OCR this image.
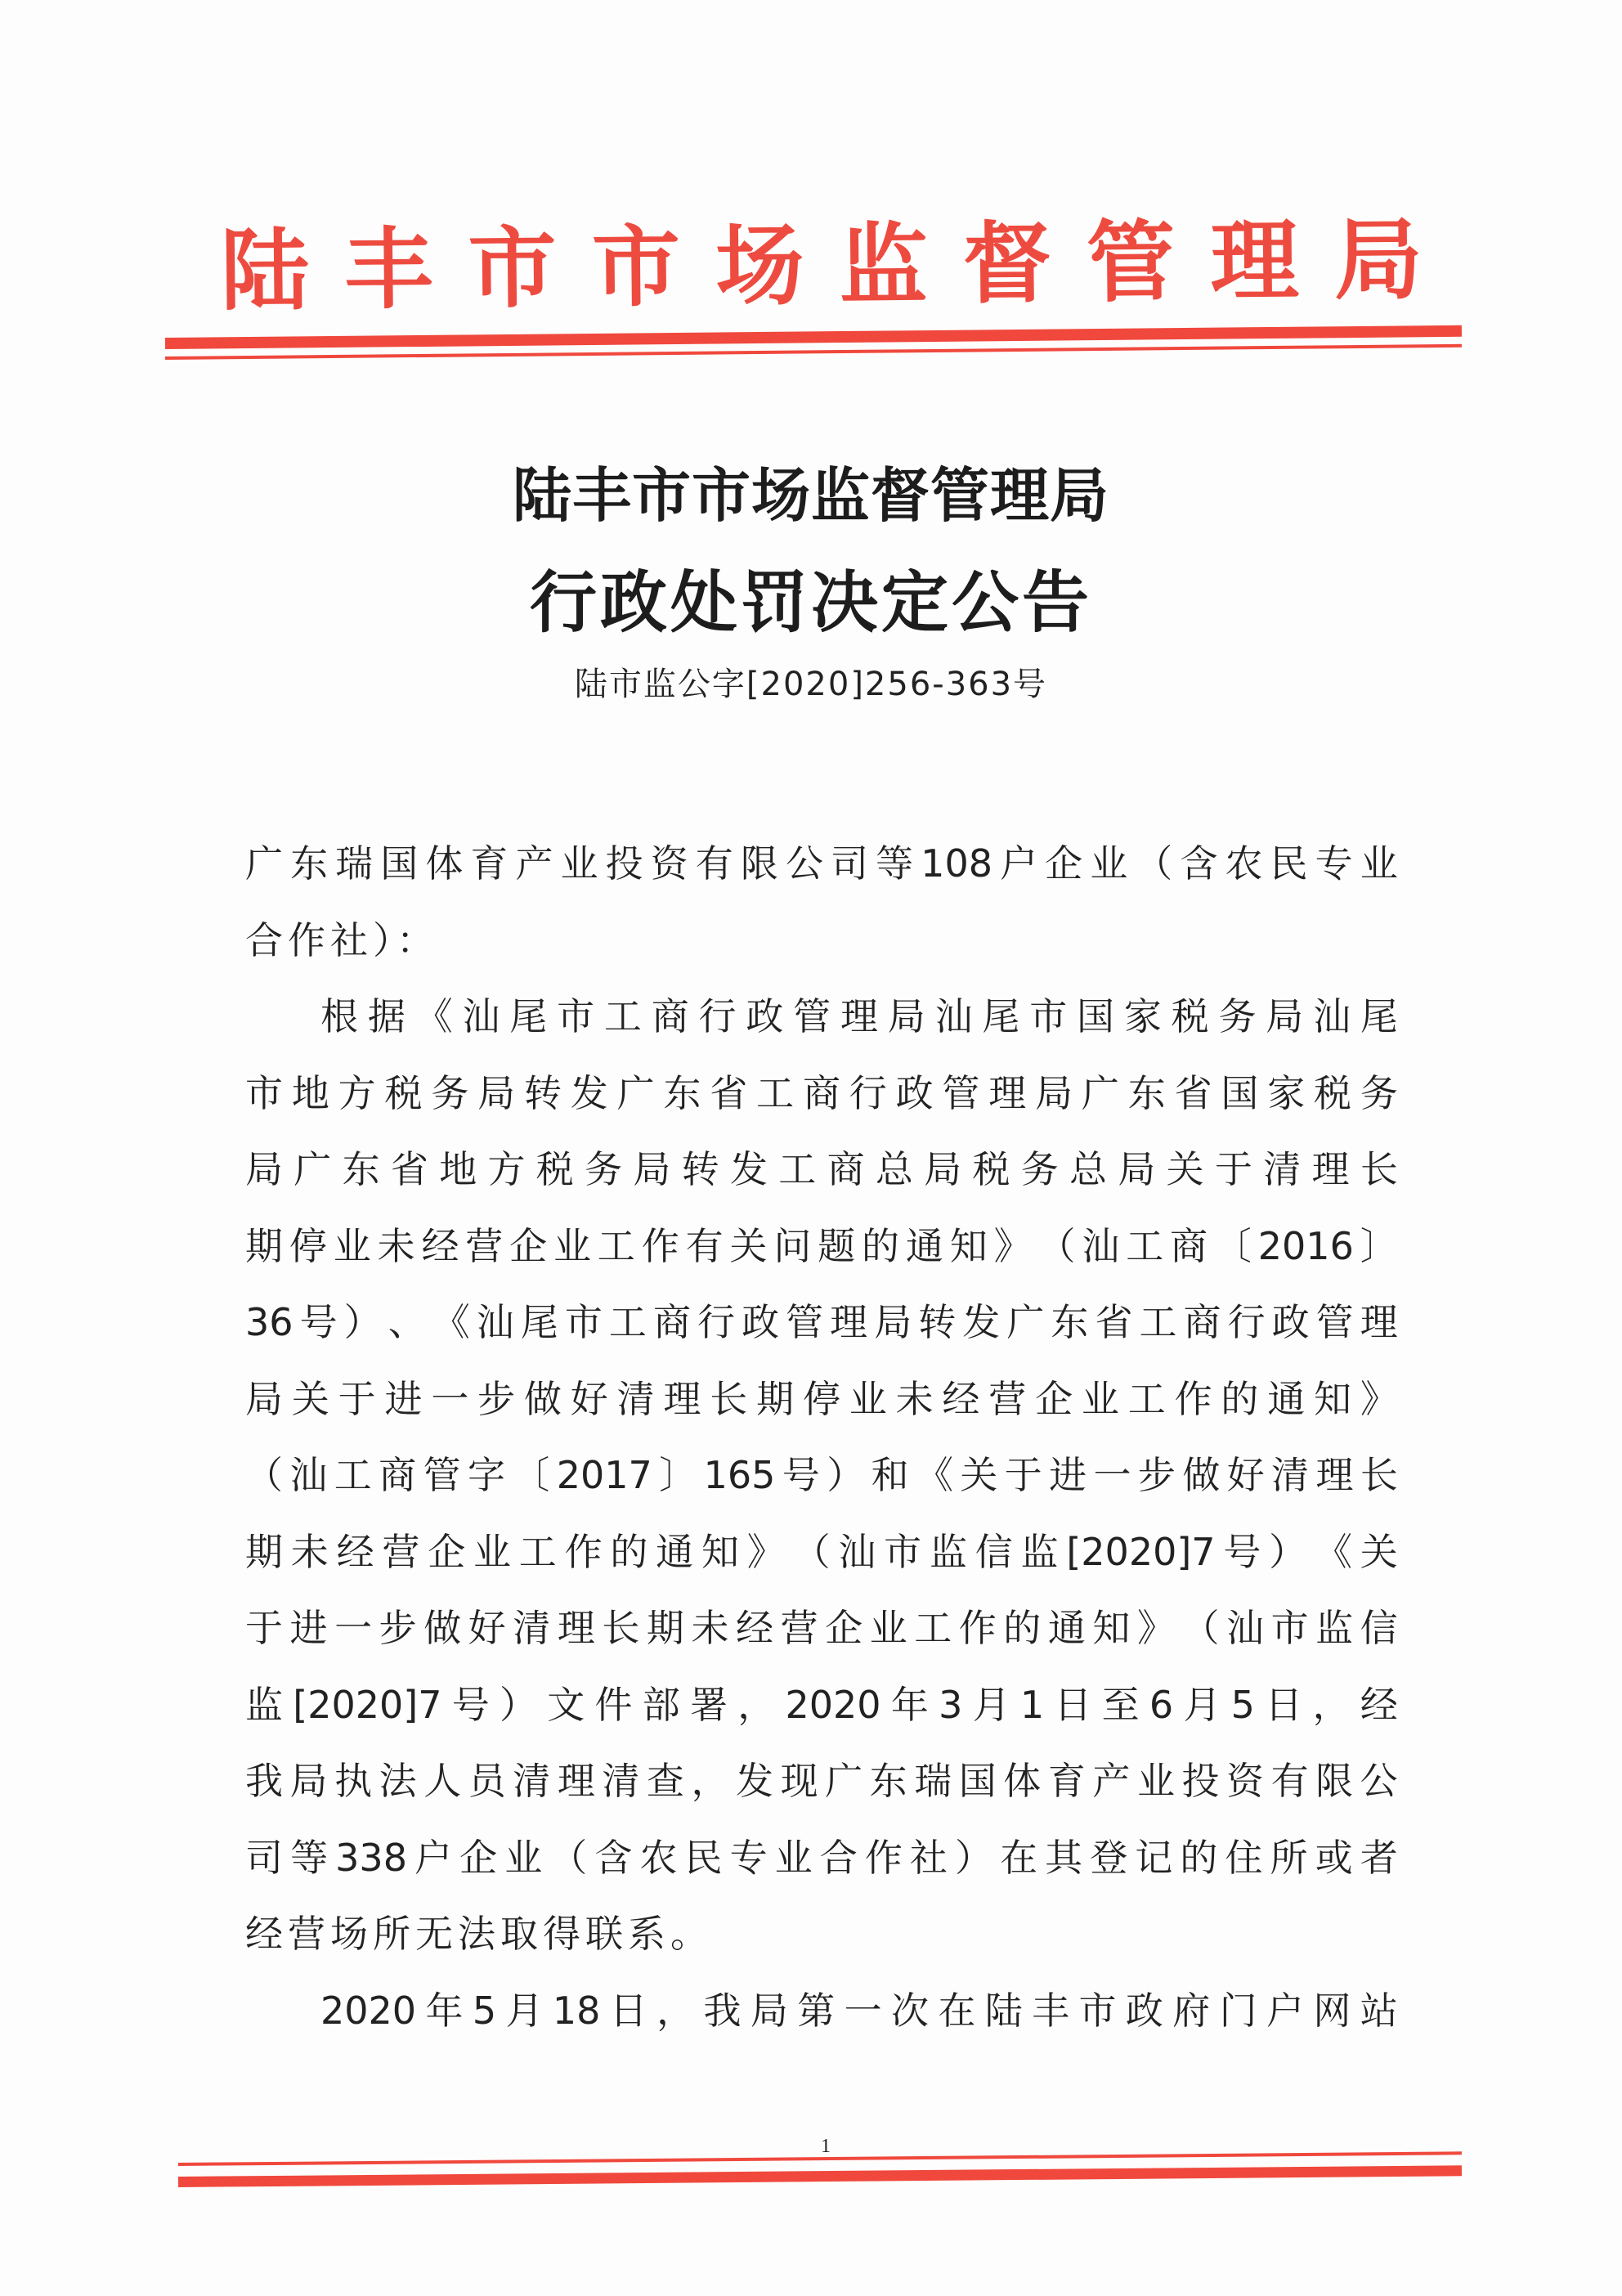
陆 丰 市 市 场 监 督 管 理 局
陆丰市市场监督管理局
行政处罚决定公告
陆市监公字[2020]256-363号
广 东 瑞 国 体 育 产 业 投 资 有 限 公 司 等 108 户 企 业 （ 含 农 民 专 业
合作社）：
根 据 《 汕 尾 市 工 商 行 政 管 理 局 汕 尾 市 国 家 税 务 局 汕 尾
市 地 方 税 务 局 转 发 广 东 省 工 商 行 政 管 理 局 广 东 省 国 家 税 务
局 广 东 省 地 方 税 务 局 转 发 工 商 总 局 税 务 总 局 关 于 清 理 长
期 停 业 未 经 营 企 业 工 作 有 关 问 题 的 通 知 》 （ 汕 工 商 〔 2016 〕
36 号 ） 、 《 汕 尾 市 工 商 行 政 管 理 局 转 发 广 东 省 工 商 行 政 管 理
局 关 于 进 一 步 做 好 清 理 长 期 停 业 未 经 营 企 业 工 作 的 通 知 》
（ 汕 工 商 管 字 〔 2017 〕 165 号 ） 和 《 关 于 进 一 步 做 好 清 理 长
期 未 经 营 企 业 工 作 的 通 知 》 （ 汕 市 监 信 监 [2020]7 号 ） 《 关
于 进 一 步 做 好 清 理 长 期 未 经 营 企 业 工 作 的 通 知 》 （ 汕 市 监 信
监 [2020]7 号 ） 文 件 部 署 ， 2020 年 3 月 1 日 至 6 月 5 日 ， 经
我 局 执 法 人 员 清 理 清 查 ， 发 现 广 东 瑞 国 体 育 产 业 投 资 有 限 公
司 等 338 户 企 业 （ 含 农 民 专 业 合 作 社 ） 在 其 登 记 的 住 所 或 者
经营场所无法取得联系。
2020 年 5 月 18 日 ， 我 局 第 一 次 在 陆 丰 市 政 府 门 户 网 站
1
